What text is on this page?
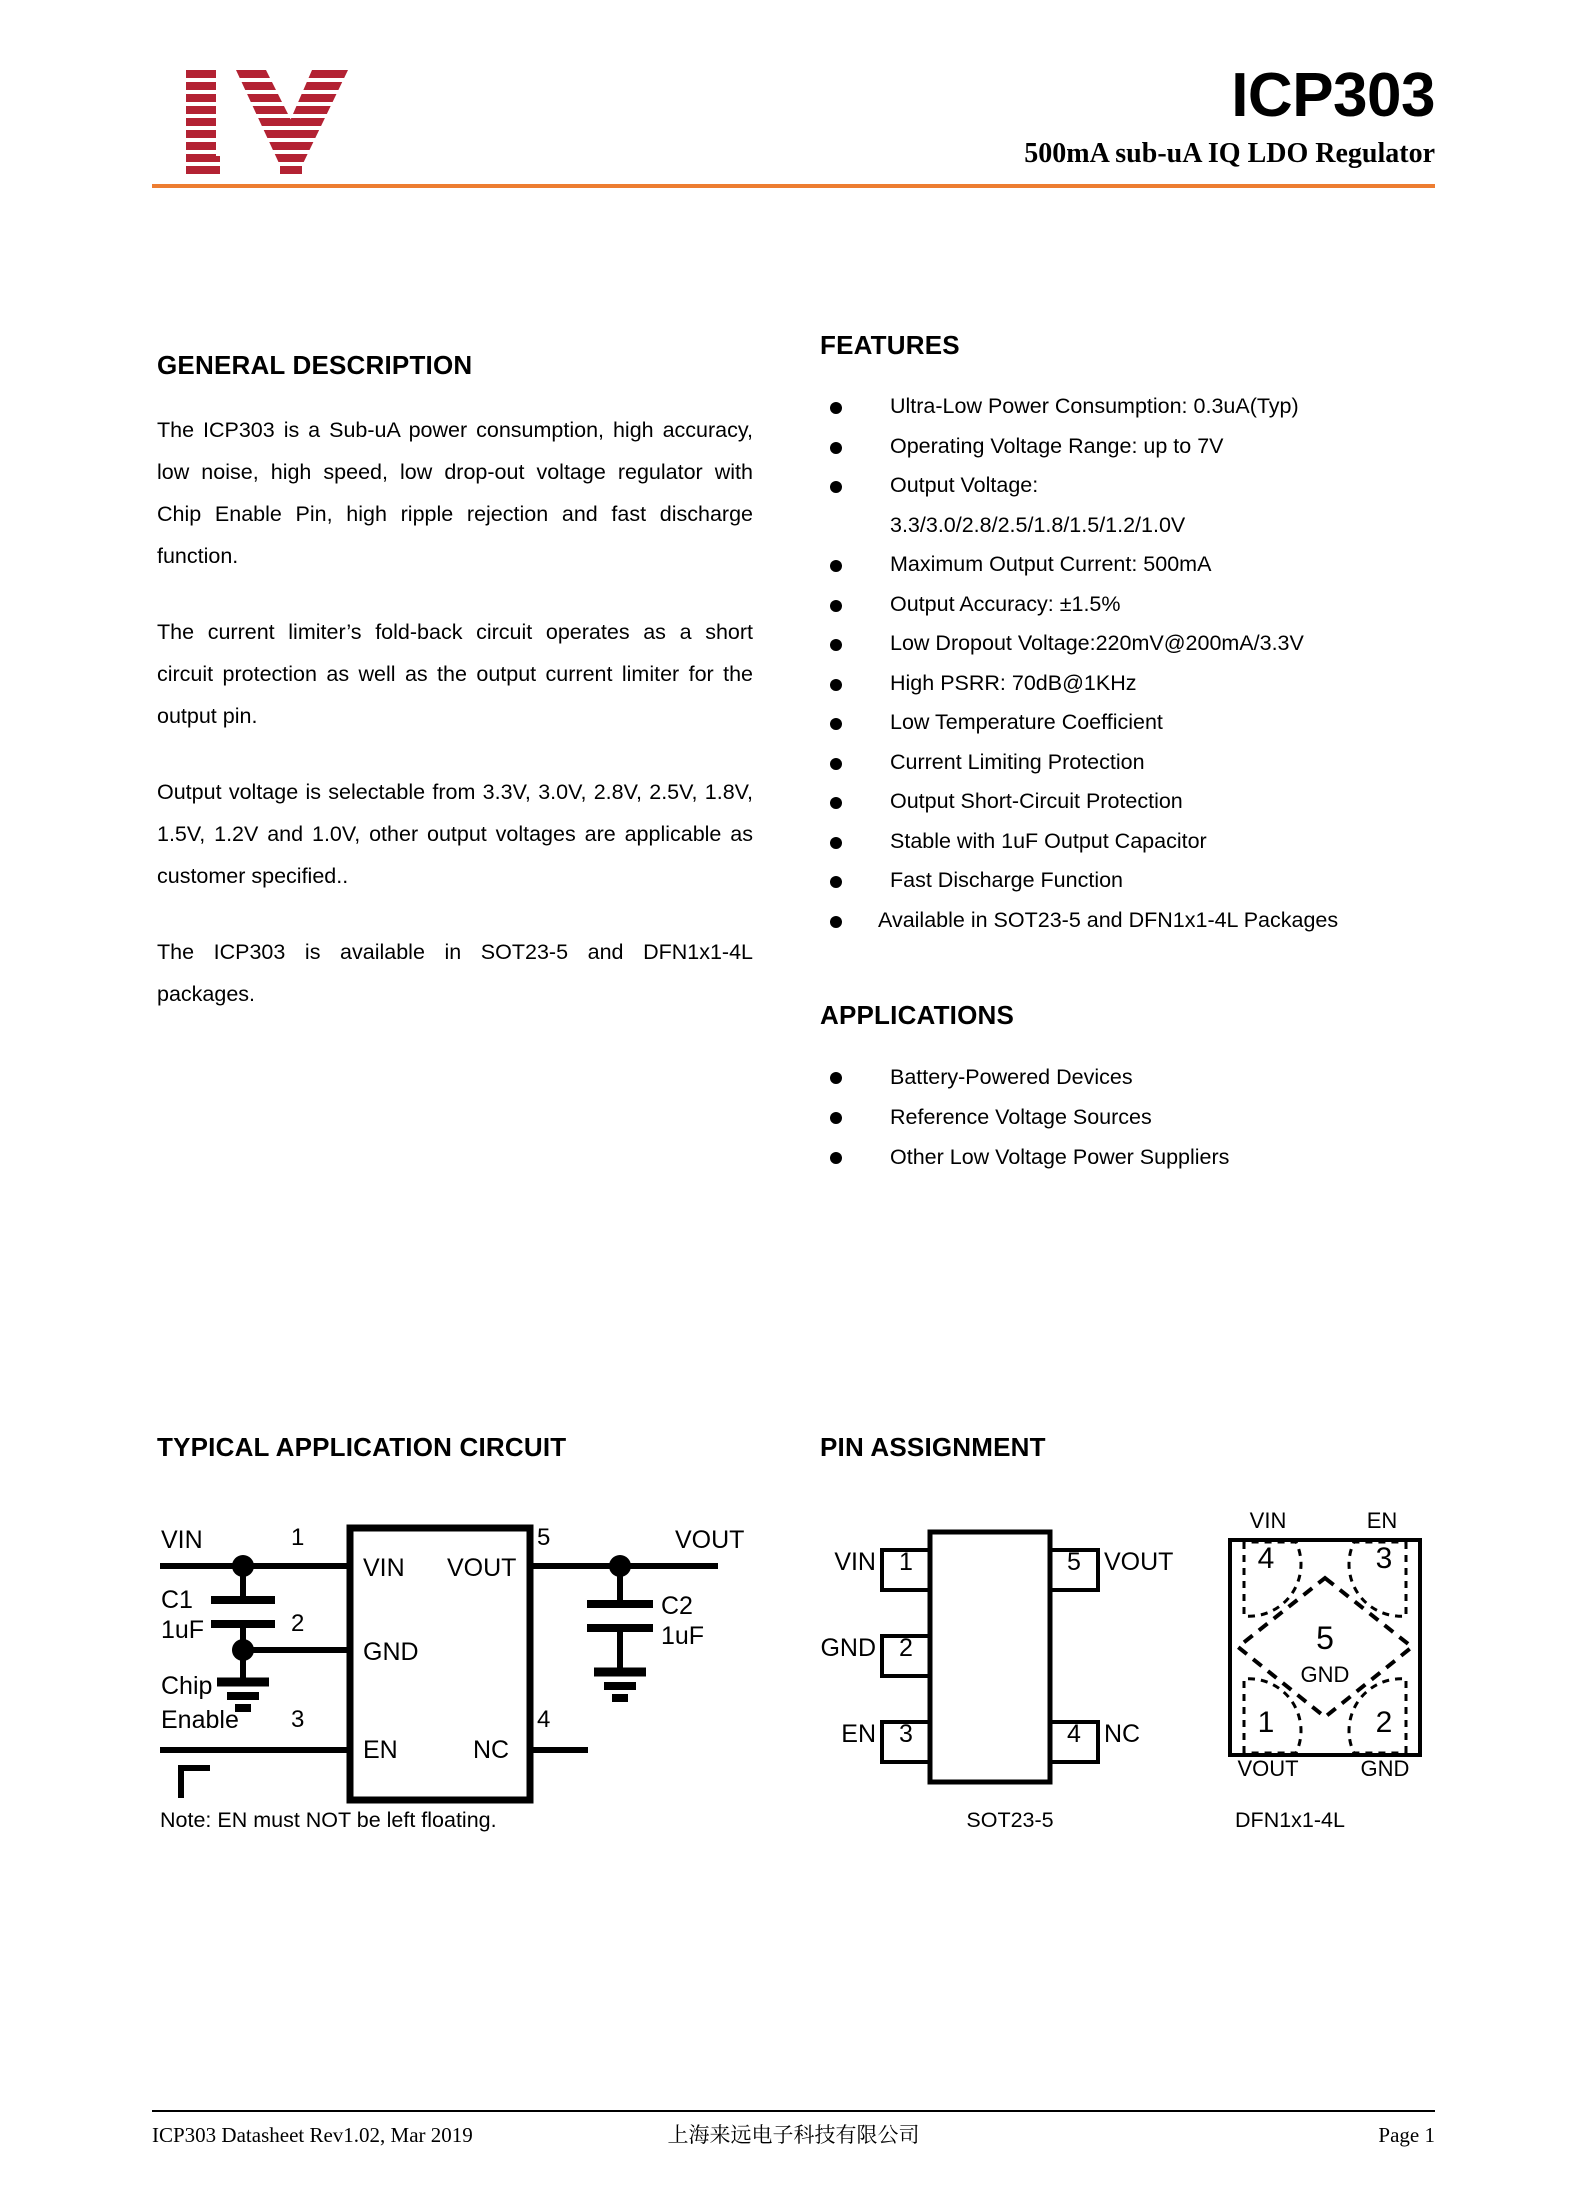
ICP303
500mA sub-uA IQ LDO Regulator
GENERAL DESCRIPTION

The ICP303 is a Sub-uA power consumption, high accuracy, low noise, high speed, low drop-out voltage regulator with Chip Enable Pin, high ripple rejection and fast discharge function.

The current limiter’s fold-back circuit operates as a short circuit protection as well as the output current limiter for the output pin.

Output voltage is selectable from 3.3V, 3.0V, 2.8V, 2.5V, 1.8V, 1.5V, 1.2V and 1.0V, other output voltages are applicable as customer specified..

The ICP303 is available in SOT23-5 and DFN1x1-4L packages.

FEATURES
Ultra-Low Power Consumption: 0.3uA(Typ)
Operating Voltage Range: up to 7V
Output Voltage:
3.3/3.0/2.8/2.5/1.8/1.5/1.2/1.0V
Maximum Output Current: 500mA
Output Accuracy: ±1.5%
Low Dropout Voltage:220mV@200mA/3.3V
High PSRR: 70dB@1KHz
Low Temperature Coefficient
Current Limiting Protection
Output Short-Circuit Protection
Stable with 1uF Output Capacitor
Fast Discharge Function
Available in SOT23-5 and DFN1x1-4L Packages
APPLICATIONS
Battery-Powered Devices
Reference Voltage Sources
Other Low Voltage Power Suppliers
TYPICAL APPLICATION CIRCUIT
VIN	1
VIN VOUT
5	VOUT
C1
1uF
C2
1uF
2
GND
Chip
Enable 3
EN	NC
4
Note: EN must NOT be left floating.
PIN ASSIGNMENT
VIN 1
GND 2
EN 3
5 VOUT
4 NC
VIN	EN
4	3
5
GND
1	2
VOUT	GND
SOT23-5	DFN1x1-4L
ICP303 Datasheet Rev1.02, Mar 2019	上海来远电子科技有限公司	Page 1
